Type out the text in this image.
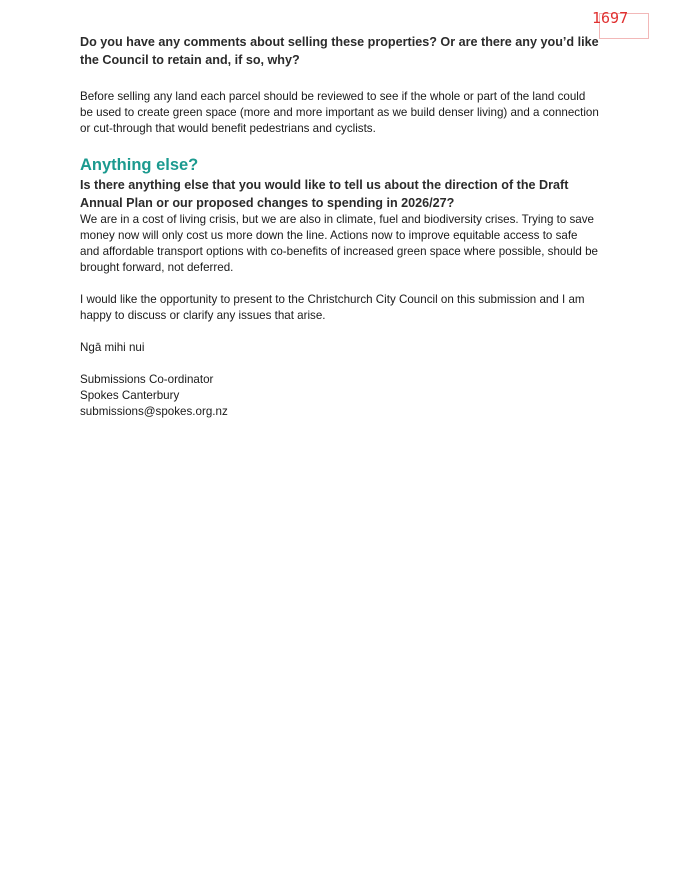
1697

Do you have any comments about selling these properties? Or are there any you’d like the Council to retain and, if so, why?

Before selling any land each parcel should be reviewed to see if the whole or part of the land could be used to create green space (more and more important as we build denser living) and a connection or cut-through that would benefit pedestrians and cyclists.

Anything else?

Is there anything else that you would like to tell us about the direction of the Draft Annual Plan or our proposed changes to spending in 2026/27?

We are in a cost of living crisis, but we are also in climate, fuel and biodiversity crises. Trying to save money now will only cost us more down the line. Actions now to improve equitable access to safe and affordable transport options with co-benefits of increased green space where possible, should be brought forward, not deferred.

I would like the opportunity to present to the Christchurch City Council on this submission and I am happy to discuss or clarify any issues that arise.

Ngā mihi nui

Submissions Co-ordinator

Spokes Canterbury

submissions@spokes.org.nz
